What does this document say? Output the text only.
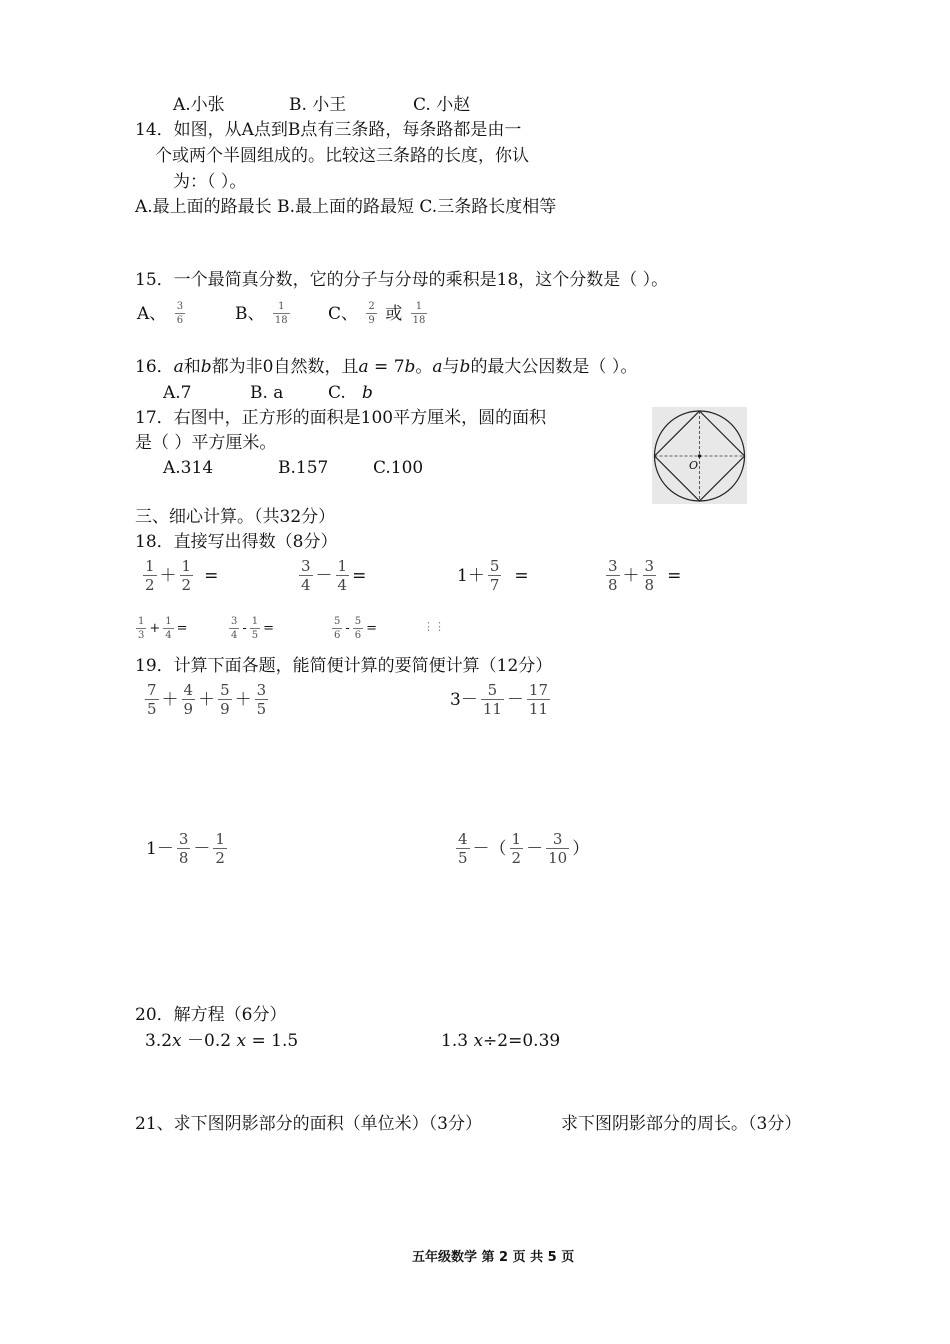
A.小张	B. 小王	C. 小赵
14．如图，从A点到B点有三条路，每条路都是由一
个或两个半圆组成的。比较这三条路的长度，你认
为：（ ）。
A.最上面的路最长 B.最上面的路最短 C.三条路长度相等
15．一个最简真分数，它的分子与分母的乘积是18，这个分数是（ ）。
A、 $\frac{3}{6}$	B、 $\frac{1}{18}$ C、 $\frac{2}{9}$ 或 $\frac{1}{18}$
16．a和b都为非0自然数，且a = 7b。a与b的最大公因数是（ ）。
A.7	B. a	C. b
17．右图中，正方形的面积是100平方厘米，圆的面积
是（ ）平方厘米。
A.314	B.157	C.100	O
三、细心计算。（共32分）
18．直接写出得数（8分）
$\frac{1}{2} + \frac{1}{2}$ =	$\frac{3}{4} - \frac{1}{4}$ =	$1+ \frac{5}{7}$ =	$\frac{3}{8} + \frac{3}{8}$ =
$\frac{1}{3} + \frac{1}{4}$ =	$\frac{3}{4} - \frac{1}{5}$ =	$\frac{5}{6} - \frac{5}{6}$ =	⋮⋮
19．计算下面各题，能简便计算的要简便计算（12分）
$\frac{7}{5} + \frac{4}{9} + \frac{5}{9} + \frac{3}{5}$	$3- \frac{5}{11} - \frac{17}{11}$
$1- \frac{3}{8} - \frac{1}{2}$	$\frac{4}{5}$ －（ $\frac{1}{2} - \frac{3}{10}$ ）
20．解方程（6分）
3.2x －0.2 x = 1.5	1.3 x÷2=0.39
21、求下图阴影部分的面积（单位米）（3分）	求下图阴影部分的周长。（3分）
五年级数学 第 2 页 共 5 页
